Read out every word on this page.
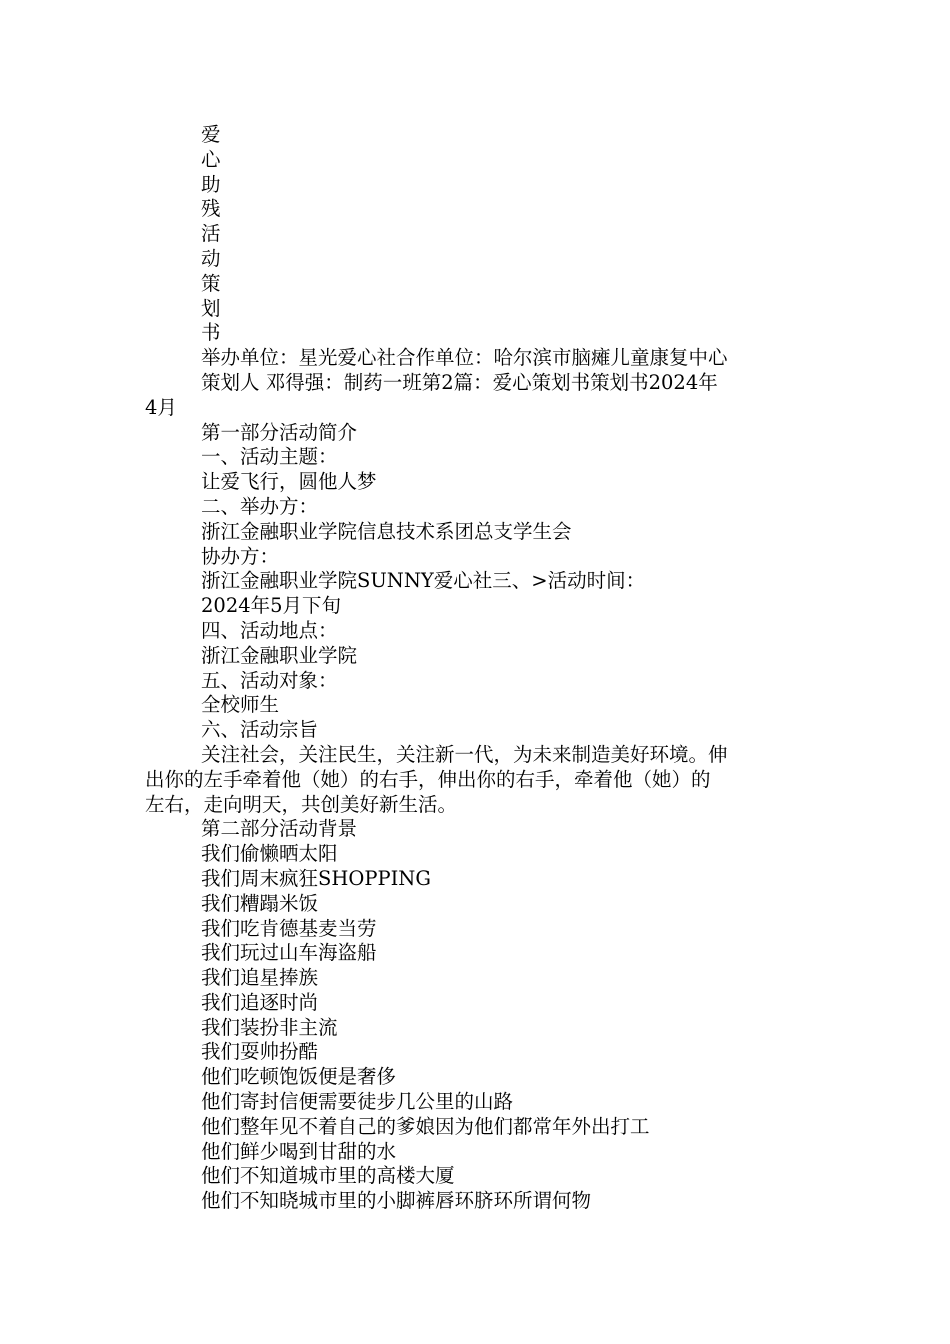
爱
心
助
残
活
动
策
划
书
举办单位：星光爱心社合作单位：哈尔滨市脑瘫儿童康复中心
策划人 邓得强：制药一班第2篇：爱心策划书策划书2024年
4月
第一部分活动简介
一、活动主题：
让爱飞行，圆他人梦
二、举办方：
浙江金融职业学院信息技术系团总支学生会
协办方：
浙江金融职业学院SUNNY爱心社三、>活动时间：
2024年5月下旬
四、活动地点：
浙江金融职业学院
五、活动对象：
全校师生
六、活动宗旨
关注社会，关注民生，关注新一代，为未来制造美好环境。伸
出你的左手牵着他（她）的右手，伸出你的右手，牵着他（她）的
左右，走向明天，共创美好新生活。
第二部分活动背景
我们偷懒晒太阳
我们周末疯狂SHOPPING
我们糟蹋米饭
我们吃肯德基麦当劳
我们玩过山车海盗船
我们追星捧族
我们追逐时尚
我们装扮非主流
我们耍帅扮酷
他们吃顿饱饭便是奢侈
他们寄封信便需要徒步几公里的山路
他们整年见不着自己的爹娘因为他们都常年外出打工
他们鲜少喝到甘甜的水
他们不知道城市里的高楼大厦
他们不知晓城市里的小脚裤唇环脐环所谓何物
